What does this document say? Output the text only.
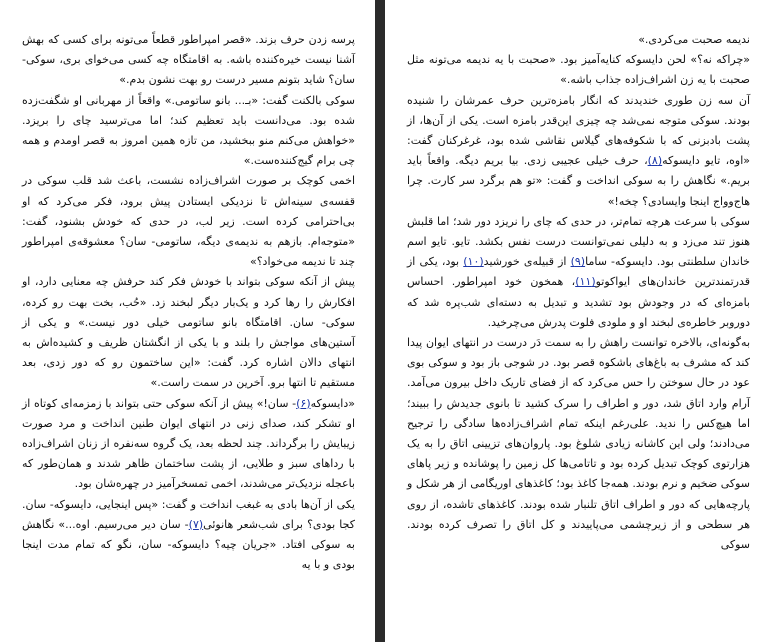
پرسه زدن حرف بزند. «قصر امپراطور قطعاً می‌تونه برای کسی که بهش آشنا نیست خیره‌کننده باشه. به اقامتگاه چه کسی می‌خوای بری، سوکی- سان؟ شاید بتونم مسیر درست رو بهت نشون بدم.»

سوکی بالکنت گفت: «بـ... بانو ساتومی.» واقعاً از مهربانی او شگفت‌زده شده بود. می‌دانست باید تعظیم کند؛ اما می‌ترسید چای را بریزد. «خواهش می‌کنم منو ببخشید، من تازه همین امروز به قصر اومدم و همه چی برام گیج‌کننده‌ست.»

اخمی کوچک بر صورت اشراف‌زاده نشست، باعث شد قلب سوکی در قفسه‌ی سینه‌اش تا نزدیکی ایستادن پیش برود، فکر می‌کرد که او بی‌احترامی کرده است. زیر لب، در حدی که خودش بشنود، گفت: «متوجه‌ام. بازهم به ندیمه‌ی دیگه، ساتومی- سان؟ معشوقه‌ی امپراطور چند تا ندیمه می‌خواد؟»

پیش از آنکه سوکی بتواند با خودش فکر کند حرفش چه معنایی دارد، او افکارش را رها کرد و یک‌بار دیگر لبخند زد. «حُب، بخت بهت رو کرده، سوکی- سان. اقامتگاه بانو ساتومی خیلی دور نیست.» و یکی از آستین‌های مواجش را بلند و با یکی از انگشتان ظریف و کشیده‌اش به انتهای دالان اشاره کرد. گفت: «این ساختمون رو که دور زدی، بعد مستقیم تا انتها برو. آخرین در سمت راست.»

«دایسوکه(۶)- سان!» پیش از آنکه سوکی حتی بتواند با زمزمه‌ای کوتاه از او تشکر کند، صدای زنی در انتهای ایوان طنین انداخت و مرد صورت زیبایش را برگرداند. چند لحظه بعد، یک گروه سه‌نفره از زنان اشراف‌زاده با رداهای سبز و طلایی، از پشت ساختمان ظاهر شدند و همان‌طور که باعجله نزدیک‌تر می‌شدند، اخمی تمسخرآمیز در چهره‌شان بود.

یکی از آن‌ها بادی به غبغب انداخت و گفت: «پس اینجایی، دایسوکه- سان. کجا بودی؟ برای شب‌شعر هانوئی(۷)- سان دیر می‌رسیم. اوه...» نگاهش به سوکی افتاد. «جریان چیه؟ دایسوکه- سان، نگو که تمام مدت اینجا بودی و با یه

ندیمه صحبت می‌کردی.»

«چراکه نه؟» لحن دایسوکه کنایه‌آمیز بود. «صحبت با یه ندیمه می‌تونه مثل صحبت با یه زن اشراف‌زاده جذاب باشه.»

آن سه زن طوری خندیدند که انگار بامزه‌ترین حرف عمرشان را شنیده بودند. سوکی متوجه نمی‌شد چه چیزی این‌قدر بامزه است. یکی از آن‌ها، از پشت بادبزنی که با شکوفه‌های گیلاس نقاشی شده بود، غرغرکنان گفت: «اوه، تایو دایسوکه(۸)، حرف خیلی عجیبی زدی. بیا بریم دیگه. واقعاً باید بریم.» نگاهش را به سوکی انداخت و گفت: «تو هم برگرد سر کارت. چرا هاج‌وواج اینجا وایسادی؟ چخه!»

سوکی با سرعت هرچه تمام‌تر، در حدی که چای را نریزد دور شد؛ اما قلبش هنوز تند می‌زد و به دلیلی نمی‌توانست درست نفس بکشد. تایو. تایو اسم خاندان سلطنتی بود. دایسوکه- ساما(۹) از قبیله‌ی خورشید(۱۰) بود، یکی از قدرتمندترین خاندان‌های ایواکوتو(۱۱)، همخون خود امپراطور. احساس بامزه‌ای که در وجودش بود تشدید و تبدیل به دسته‌ای شب‌پره شد که دوروبر خاطره‌ی لبخند او و ملودی فلوت پدرش می‌چرخید.

به‌گونه‌ای، بالاخره توانست راهش را به سمت دَر درست در انتهای ایوان پیدا کند که مشرف به باغ‌های باشکوه قصر بود. در شوجی باز بود و سوکی بوی عود در حال سوختن را حس می‌کرد که از فضای تاریک داخل بیرون می‌آمد. آرام وارد اتاق شد، دور و اطراف را سرک کشید تا بانوی جدیدش را ببیند؛ اما هیچ‌کس را ندید. علی‌رغم اینکه تمام اشراف‌زاده‌ها سادگی را ترجیح می‌دادند؛ ولی این کاشانه زیادی شلوغ بود. پاروان‌های تزیینی اتاق را به یک هزارتوی کوچک تبدیل کرده بود و تاتامی‌ها کل زمین را پوشانده و زیر پاهای سوکی ضخیم و نرم بودند. همه‌جا کاغذ بود؛ کاغذهای اوریگامی از هر شکل و پارچه‌هایی که دور و اطراف اتاق تلنبار شده بودند. کاغذهای تاشده، از روی هر سطحی و از زیرچشمی می‌پاییدند و کل اتاق را تصرف کرده بودند. سوکی
